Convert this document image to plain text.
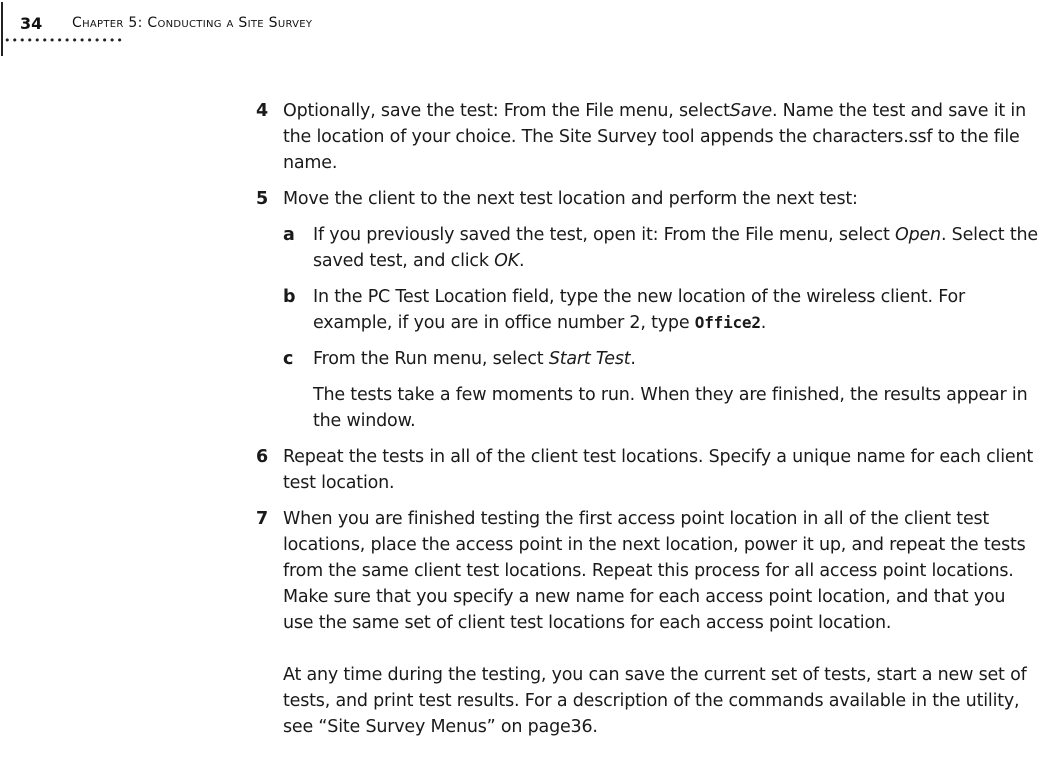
34
••••••••••••••••
Chapter 5: Conducting a Site Survey
4 Optionally, save the test: From the File menu, selectSave. Name the test and save it in the location of your choice. The Site Survey tool appends the characters.ssf to the file name.
5 Move the client to the next test location and perform the next test:
a If you previously saved the test, open it: From the File menu, select Open. Select the saved test, and click OK.
b In the PC Test Location field, type the new location of the wireless client. For example, if you are in office number 2, type Office2.
c From the Run menu, select Start Test.
The tests take a few moments to run. When they are finished, the results appear in the window.
6 Repeat the tests in all of the client test locations. Specify a unique name for each client test location.
7 When you are finished testing the first access point location in all of the client test locations, place the access point in the next location, power it up, and repeat the tests from the same client test locations. Repeat this process for all access point locations. Make sure that you specify a new name for each access point location, and that you use the same set of client test locations for each access point location.
At any time during the testing, you can save the current set of tests, start a new set of tests, and print test results. For a description of the commands available in the utility, see “Site Survey Menus” on page36.
